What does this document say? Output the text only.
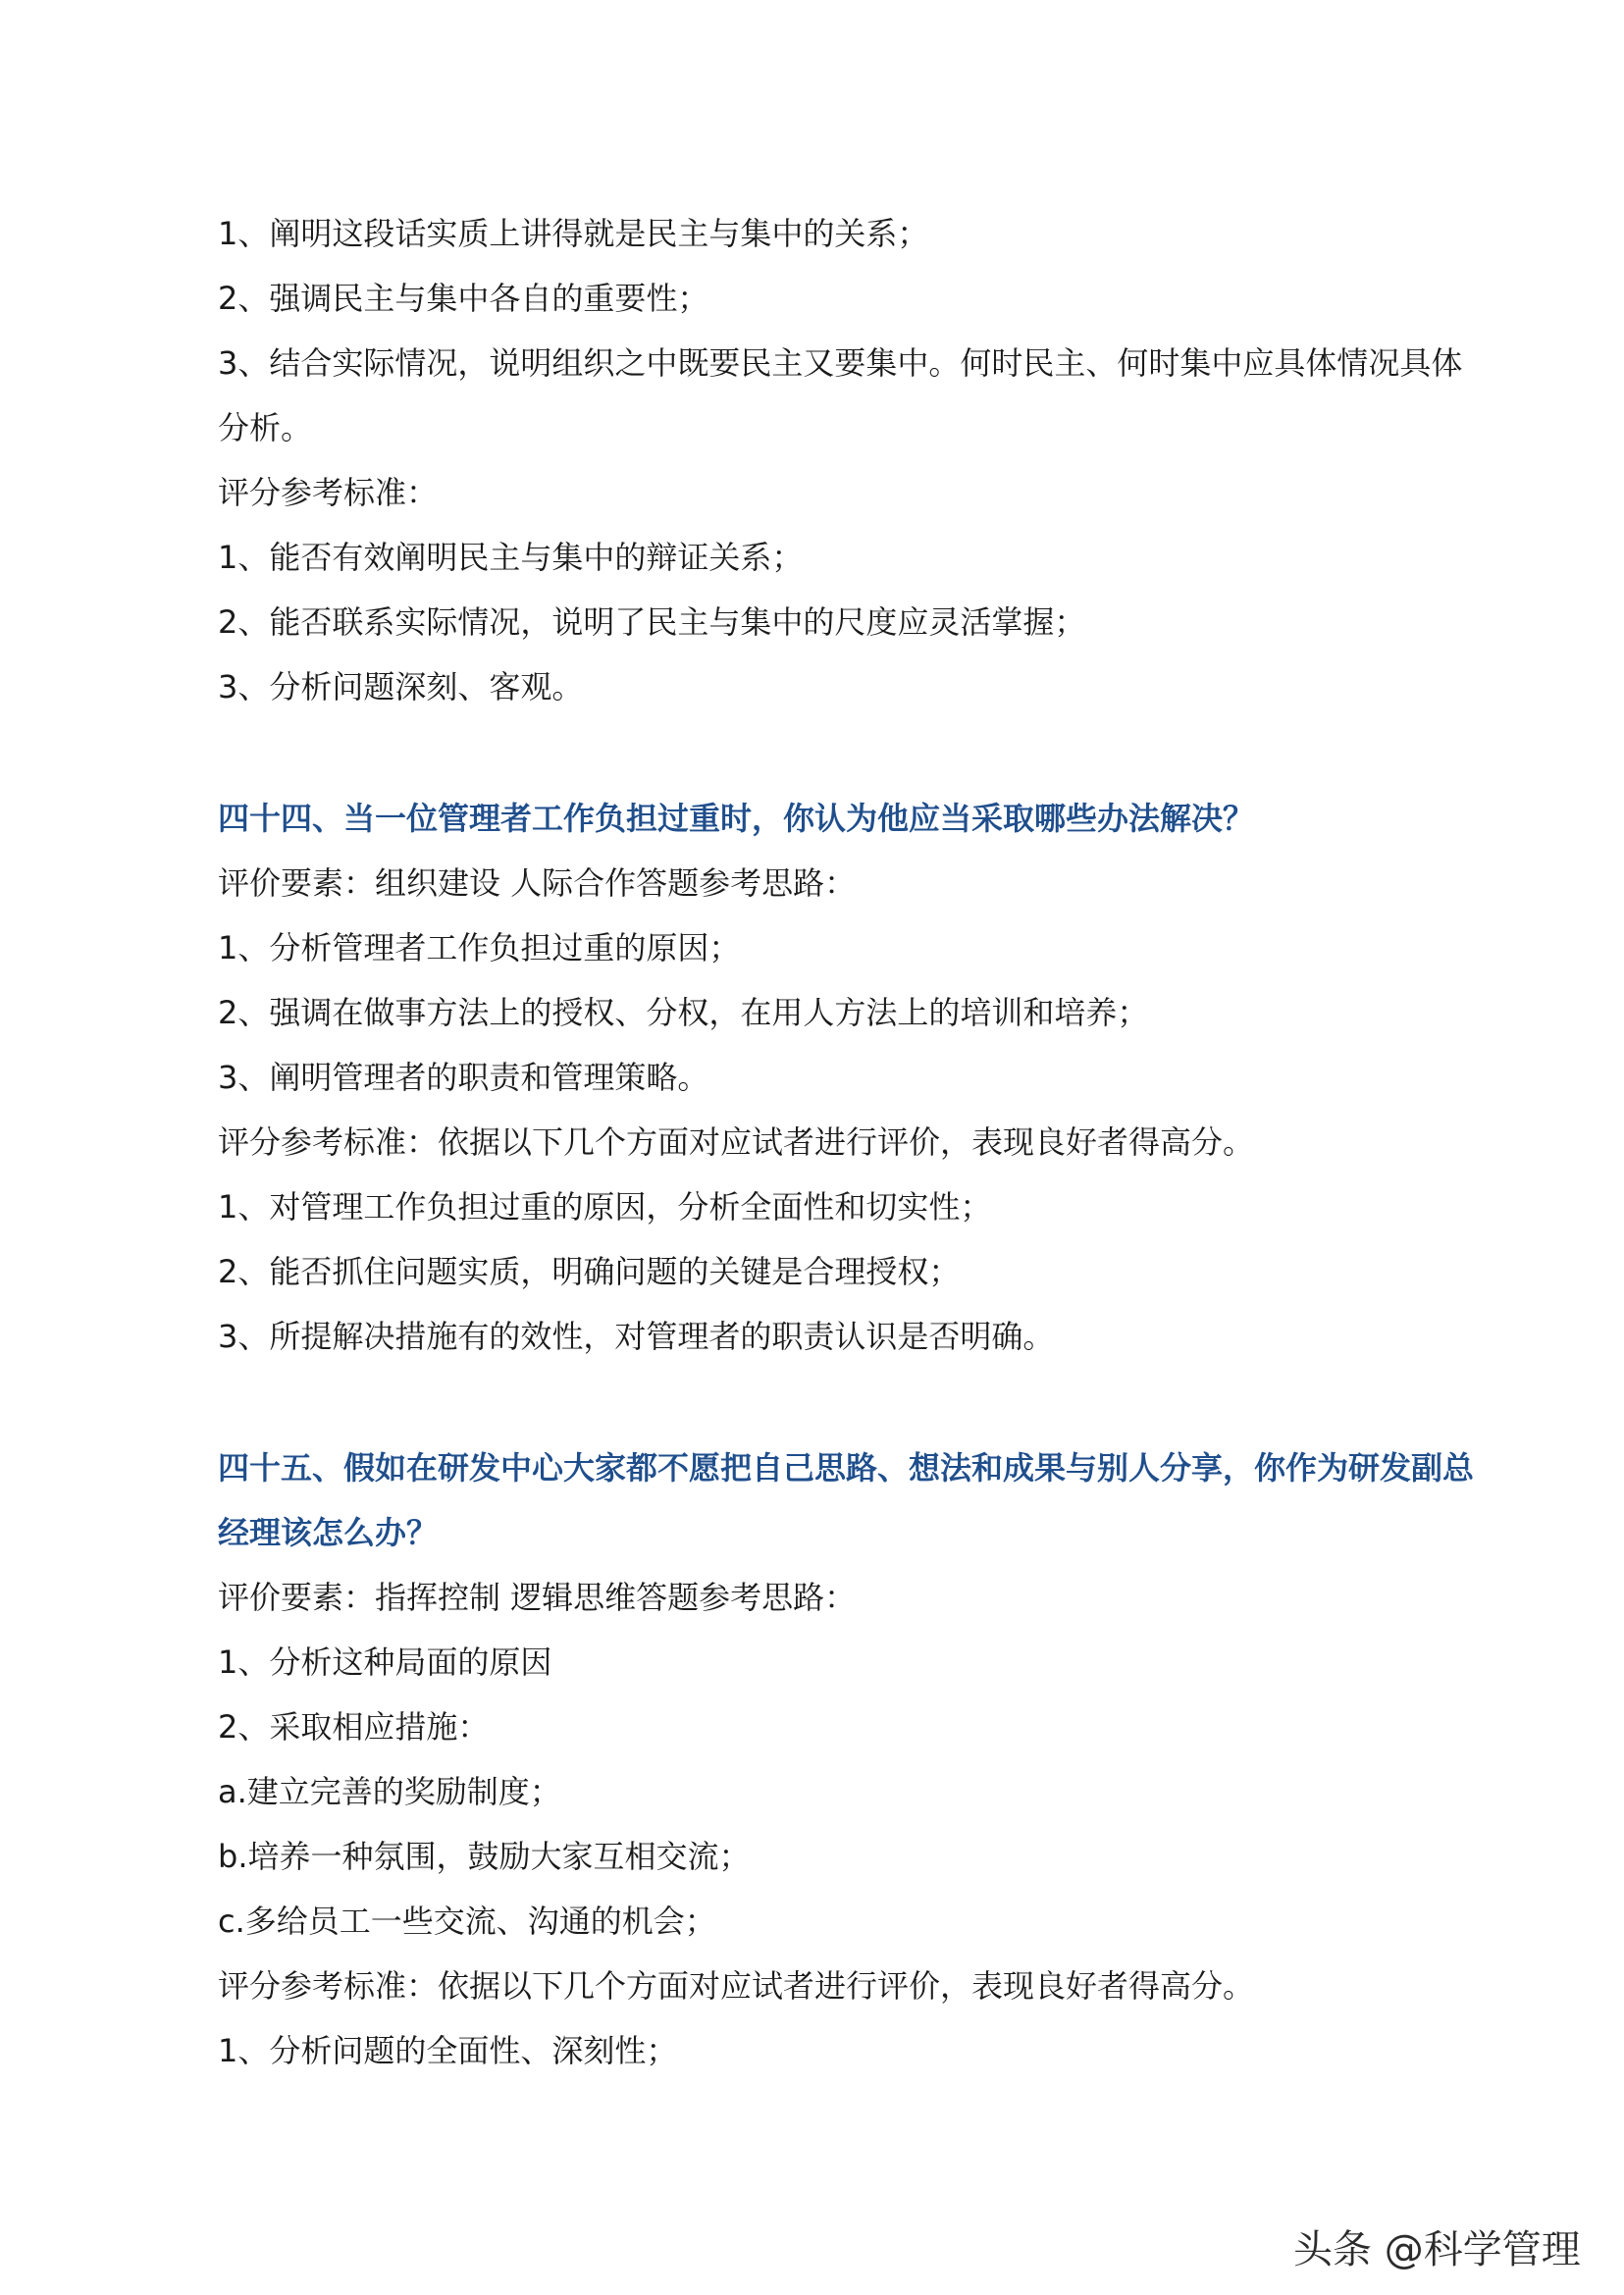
1、阐明这段话实质上讲得就是民主与集中的关系；

2、强调民主与集中各自的重要性；

3、结合实际情况，说明组织之中既要民主又要集中。何时民主、何时集中应具体情况具体分析。

评分参考标准：

1、能否有效阐明民主与集中的辩证关系；

2、能否联系实际情况，说明了民主与集中的尺度应灵活掌握；

3、分析问题深刻、客观。

四十四、当一位管理者工作负担过重时，你认为他应当采取哪些办法解决？

评价要素：组织建设 人际合作答题参考思路：

1、分析管理者工作负担过重的原因；

2、强调在做事方法上的授权、分权，在用人方法上的培训和培养；

3、阐明管理者的职责和管理策略。

评分参考标准：依据以下几个方面对应试者进行评价，表现良好者得高分。

1、对管理工作负担过重的原因，分析全面性和切实性；

2、能否抓住问题实质，明确问题的关键是合理授权；

3、所提解决措施有的效性，对管理者的职责认识是否明确。

四十五、假如在研发中心大家都不愿把自己思路、想法和成果与别人分享，你作为研发副总经理该怎么办？

评价要素：指挥控制 逻辑思维答题参考思路：

1、分析这种局面的原因

2、采取相应措施：

a.建立完善的奖励制度；

b.培养一种氛围，鼓励大家互相交流；

c.多给员工一些交流、沟通的机会；

评分参考标准：依据以下几个方面对应试者进行评价，表现良好者得高分。

1、分析问题的全面性、深刻性；

头条 @科学管理
